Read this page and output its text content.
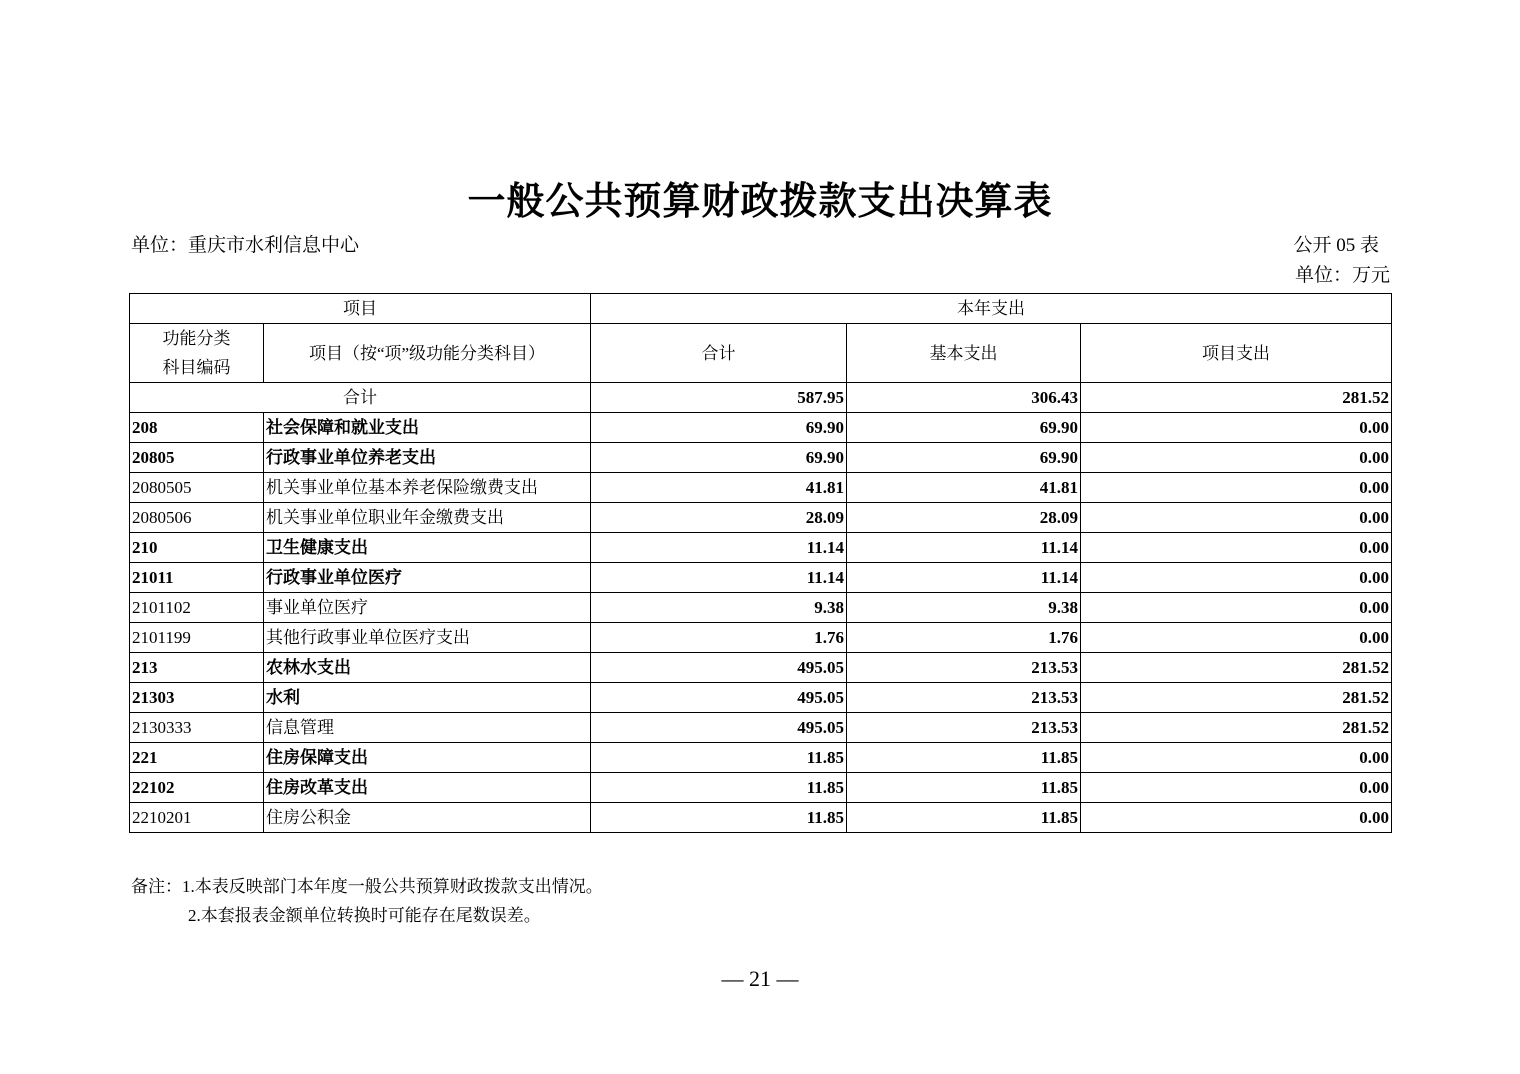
一般公共预算财政拨款支出决算表
单位：重庆市水利信息中心	公开 05 表
单位：万元
项目		本年支出		

功能分类
科目编码	项目（按“项”级功能分类科目）	合计	基本支出	项目支出
合计		587.95	306.43	281.52
208	社会保障和就业支出	69.90	69.90	0.00
20805	行政事业单位养老支出	69.90	69.90	0.00
2080505	机关事业单位基本养老保险缴费支出	41.81	41.81	0.00
2080506	机关事业单位职业年金缴费支出	28.09	28.09	0.00
210	卫生健康支出	11.14	11.14	0.00
21011	行政事业单位医疗	11.14	11.14	0.00
2101102	事业单位医疗	9.38	9.38	0.00
2101199	其他行政事业单位医疗支出	1.76	1.76	0.00
213	农林水支出	495.05	213.53	281.52
21303	水利	495.05	213.53	281.52
2130333	信息管理	495.05	213.53	281.52
221	住房保障支出	11.85	11.85	0.00
22102	住房改革支出	11.85	11.85	0.00
2210201	住房公积金	11.85	11.85	0.00
备注：1.本表反映部门本年度一般公共预算财政拨款支出情况。
2.本套报表金额单位转换时可能存在尾数误差。
— 21 —
